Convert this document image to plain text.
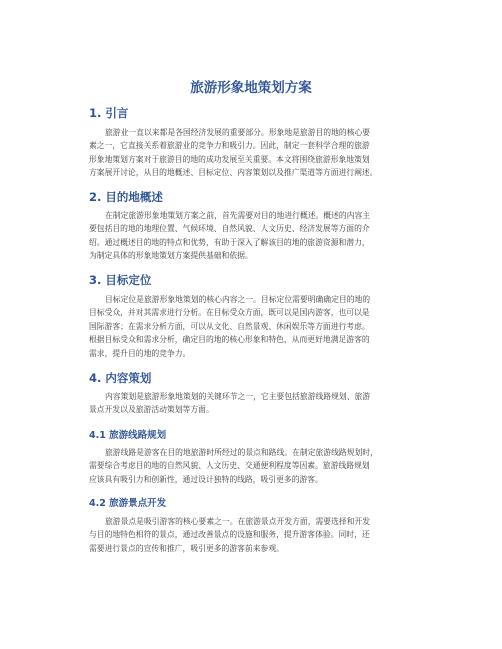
旅游形象地策划方案
1. 引言
旅游业一直以来都是各国经济发展的重要部分。形象地是旅游目的地的核心要
素之一，它直接关系着旅游业的竞争力和吸引力。因此，制定一套科学合理的旅游
形象地策划方案对于旅游目的地的成功发展至关重要。本文将围绕旅游形象地策划
方案展开讨论，从目的地概述、目标定位、内容策划以及推广渠道等方面进行阐述。
2. 目的地概述
在制定旅游形象地策划方案之前，首先需要对目的地进行概述。概述的内容主
要包括目的地的地理位置、气候环境、自然风貌、人文历史、经济发展等方面的介
绍。通过概述目的地的特点和优势，有助于深入了解该目的地的旅游资源和潜力，
为制定具体的形象地策划方案提供基础和依据。
3. 目标定位
目标定位是旅游形象地策划的核心内容之一。目标定位需要明确确定目的地的
目标受众，并对其需求进行分析。在目标受众方面，既可以是国内游客，也可以是
国际游客；在需求分析方面，可以从文化、自然景观、休闲娱乐等方面进行考虑。
根据目标受众和需求分析，确定目的地的核心形象和特色，从而更好地满足游客的
需求，提升目的地的竞争力。
4. 内容策划
内容策划是旅游形象地策划的关键环节之一，它主要包括旅游线路规划、旅游
景点开发以及旅游活动策划等方面。
4.1 旅游线路规划
旅游线路是游客在目的地旅游时所经过的景点和路线。在制定旅游线路规划时，
需要综合考虑目的地的自然风貌、人文历史、交通便利程度等因素。旅游线路规划
应该具有吸引力和创新性，通过设计独特的线路，吸引更多的游客。
4.2 旅游景点开发
旅游景点是吸引游客的核心要素之一。在旅游景点开发方面，需要选择和开发
与目的地特色相符的景点，通过改善景点的设施和服务，提升游客体验。同时，还
需要进行景点的宣传和推广，吸引更多的游客前来参观。
